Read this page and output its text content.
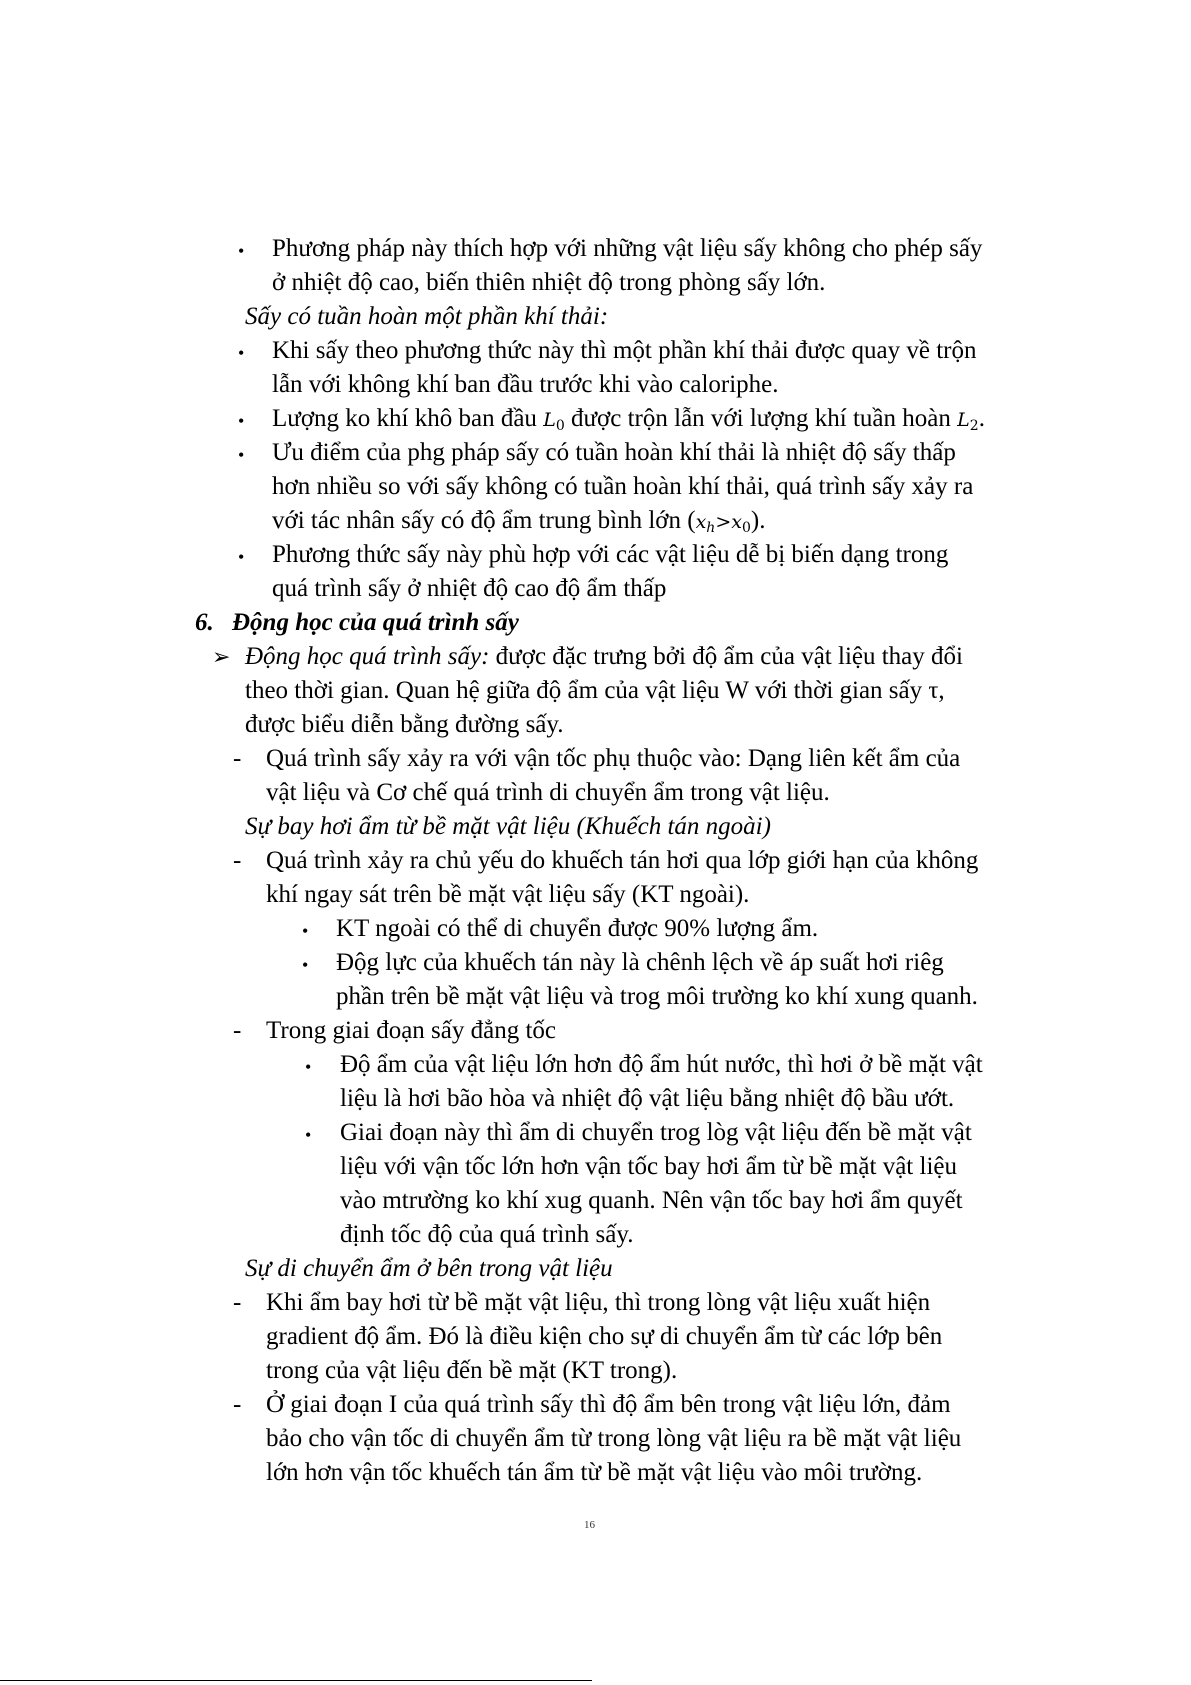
• Phương pháp này thích hợp với những vật liệu sấy không cho phép sấy
ở nhiệt độ cao, biến thiên nhiệt độ trong phòng sấy lớn.
Sấy có tuần hoàn một phần khí thải:
• Khi sấy theo phương thức này thì một phần khí thải được quay về trộn
lẫn với không khí ban đầu trước khi vào caloriphe.
• Lượng ko khí khô ban đầu $L_0$ được trộn lẫn với lượng khí tuần hoàn $L_2$.
• Ưu điểm của phg pháp sấy có tuần hoàn khí thải là nhiệt độ sấy thấp
hơn nhiều so với sấy không có tuần hoàn khí thải, quá trình sấy xảy ra
với tác nhân sấy có độ ẩm trung bình lớn $(x_h>x_0)$.
• Phương thức sấy này phù hợp với các vật liệu dễ bị biến dạng trong
quá trình sấy ở nhiệt độ cao độ ẩm thấp
6. Động học của quá trình sấy
➢ Động học quá trình sấy: được đặc trưng bởi độ ẩm của vật liệu thay đổi
theo thời gian. Quan hệ giữa độ ẩm của vật liệu W với thời gian sấy τ,
được biểu diễn bằng đường sấy.
- Quá trình sấy xảy ra với vận tốc phụ thuộc vào: Dạng liên kết ẩm của
vật liệu và Cơ chế quá trình di chuyển ẩm trong vật liệu.
Sự bay hơi ẩm từ bề mặt vật liệu (Khuếch tán ngoài)
- Quá trình xảy ra chủ yếu do khuếch tán hơi qua lớp giới hạn của không
khí ngay sát trên bề mặt vật liệu sấy (KT ngoài).
• KT ngoài có thể di chuyển được 90% lượng ẩm.
• Độg lực của khuếch tán này là chênh lệch về áp suất hơi riêg
phần trên bề mặt vật liệu và trog môi trường ko khí xung quanh.
- Trong giai đoạn sấy đẳng tốc
• Độ ẩm của vật liệu lớn hơn độ ẩm hút nước, thì hơi ở bề mặt vật
liệu là hơi bão hòa và nhiệt độ vật liệu bằng nhiệt độ bầu ướt.
• Giai đoạn này thì ẩm di chuyển trog lòg vật liệu đến bề mặt vật
liệu với vận tốc lớn hơn vận tốc bay hơi ẩm từ bề mặt vật liệu
vào mtrường ko khí xug quanh. Nên vận tốc bay hơi ẩm quyết
định tốc độ của quá trình sấy.
Sự di chuyển ẩm ở bên trong vật liệu
- Khi ẩm bay hơi từ bề mặt vật liệu, thì trong lòng vật liệu xuất hiện
gradient độ ẩm. Đó là điều kiện cho sự di chuyển ẩm từ các lớp bên
trong của vật liệu đến bề mặt (KT trong).
- Ở giai đoạn I của quá trình sấy thì độ ẩm bên trong vật liệu lớn, đảm
bảo cho vận tốc di chuyển ẩm từ trong lòng vật liệu ra bề mặt vật liệu
lớn hơn vận tốc khuếch tán ẩm từ bề mặt vật liệu vào môi trường.
16
